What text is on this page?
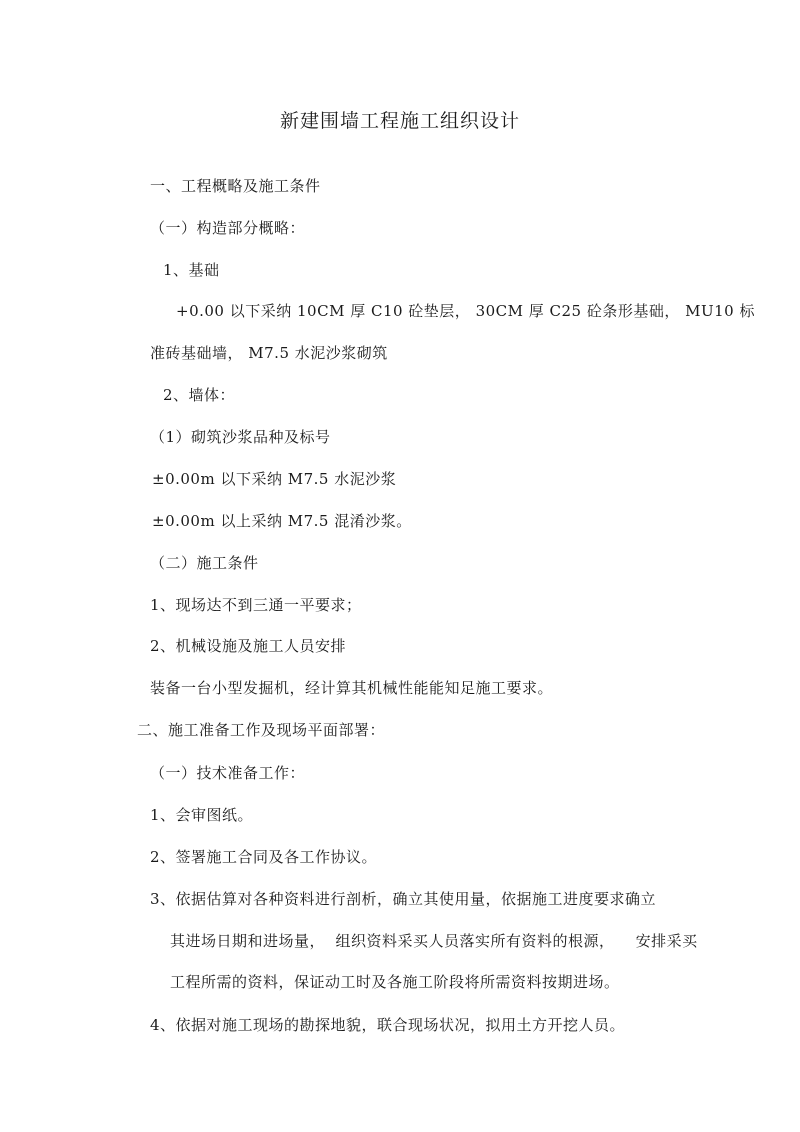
新建围墙工程施工组织设计
一、工程概略及施工条件
（一）构造部分概略：
1、基础
+0.00 以下采纳 10CM 厚 C10 砼垫层， 30CM 厚 C25 砼条形基础， MU10 标
准砖基础墙， M7.5 水泥沙浆砌筑
2、墙体：
（1）砌筑沙浆品种及标号
±0.00m 以下采纳 M7.5 水泥沙浆
±0.00m 以上采纳 M7.5 混淆沙浆。
（二）施工条件
1、现场达不到三通一平要求；
2、机械设施及施工人员安排
装备一台小型发掘机，经计算其机械性能能知足施工要求。
二、施工准备工作及现场平面部署：
（一）技术准备工作：
1、会审图纸。
2、签署施工合同及各工作协议。
3、依据估算对各种资料进行剖析，确立其使用量，依据施工进度要求确立
其进场日期和进场量，  组织资料采买人员落实所有资料的根源，    安排采买
工程所需的资料，保证动工时及各施工阶段将所需资料按期进场。
4、依据对施工现场的勘探地貌，联合现场状况，拟用土方开挖人员。
